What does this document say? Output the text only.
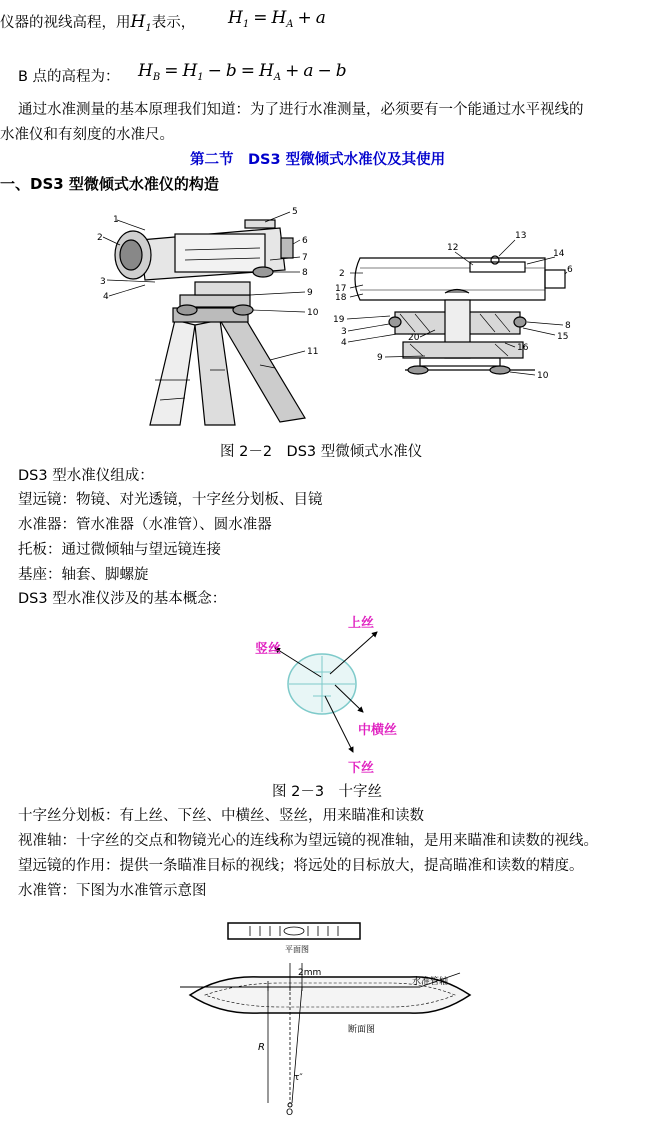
仪器的视线高程，用$H_1$表示， $H_1 = H_A + a$
B 点的高程为： $H_B = H_1 - b = H_A + a - b$
通过水准测量的基本原理我们知道：为了进行水准测量，必须要有一个能通过水平视线的
水准仪和有刻度的水准尺。
第二节　DS3 型微倾式水准仪及其使用
一、DS3 型微倾式水准仪的构造
1
2
3
4
5
6
7
8
9
10
11
2
17
18
19
3
4	20
9
12
13
14
6
8
15
16
10
图 2－2　DS3 型微倾式水准仪
DS3 型水准仪组成：
望远镜：物镜、对光透镜，十字丝分划板、目镜
水准器：管水准器（水准管）、圆水准器
托板：通过微倾轴与望远镜连接
基座：轴套、脚螺旋
DS3 型水准仪涉及的基本概念：
上丝
竖丝
中横丝
下丝
图 2－3　十字丝
十字丝分划板：有上丝、下丝、中横丝、竖丝，用来瞄准和读数
视准轴：十字丝的交点和物镜光心的连线称为望远镜的视准轴，是用来瞄准和读数的视线。
望远镜的作用：提供一条瞄准目标的视线；将远处的目标放大，提高瞄准和读数的精度。
水准管：下图为水准管示意图
平面图
2mm
水准管轴
断面图
R
τ″
O
